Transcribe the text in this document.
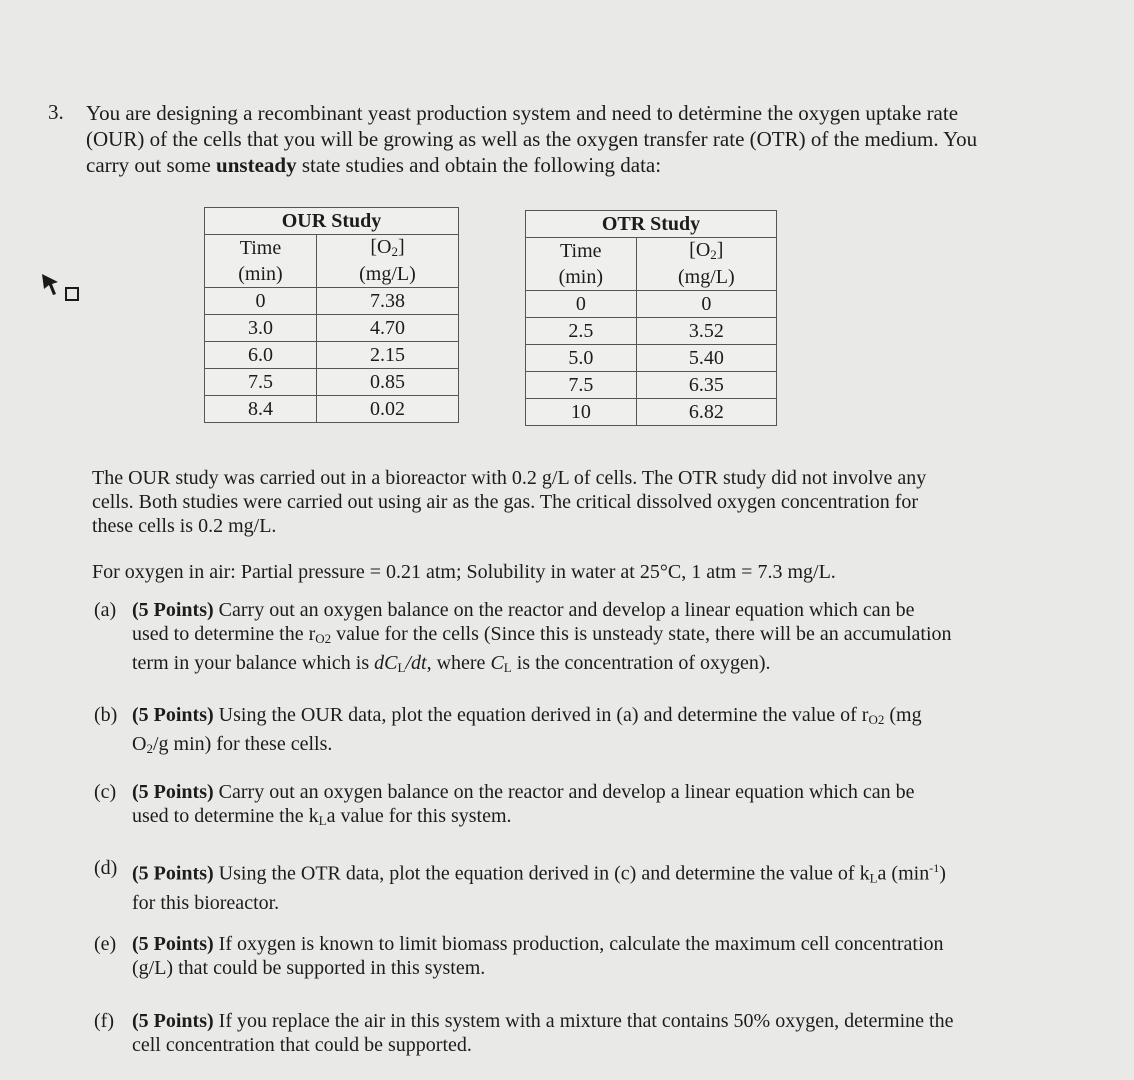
3. You are designing a recombinant yeast production system and need to detėrmine the oxygen uptake rate
(OUR) of the cells that you will be growing as well as the oxygen transfer rate (OTR) of the medium. You
carry out some unsteady state studies and obtain the following data:
OUR Study	
Time	$[O_2]$
(min)	(mg/L)
0	7.38
3.0	4.70
6.0	2.15
7.5	0.85
8.4	0.02
OTR Study	
Time	$[O_2]$
(min)	(mg/L)
0	0
2.5	3.52
5.0	5.40
7.5	6.35
10	6.82
The OUR study was carried out in a bioreactor with 0.2 g/L of cells. The OTR study did not involve any
cells. Both studies were carried out using air as the gas. The critical dissolved oxygen concentration for
these cells is 0.2 mg/L.
For oxygen in air: Partial pressure = 0.21 atm; Solubility in water at 25°C, 1 atm = 7.3 mg/L.
(a) (5 Points) Carry out an oxygen balance on the reactor and develop a linear equation which can be
used to determine the $r_{O2}$ value for the cells (Since this is unsteady state, there will be an accumulation
term in your balance which is $dC_L/dt$, where $C_L$ is the concentration of oxygen).
(b) (5 Points) Using the OUR data, plot the equation derived in (a) and determine the value of $r_{O2}$ (mg
$O_2/g$ min) for these cells.
(c) (5 Points) Carry out an oxygen balance on the reactor and develop a linear equation which can be
used to determine the $k_La$ value for this system.
(d) (5 Points) Using the OTR data, plot the equation derived in (c) and determine the value of $k_La$ $(\min^{-1})$
for this bioreactor.
(e) (5 Points) If oxygen is known to limit biomass production, calculate the maximum cell concentration
(g/L) that could be supported in this system.
(f) (5 Points) If you replace the air in this system with a mixture that contains 50% oxygen, determine the
cell concentration that could be supported.
